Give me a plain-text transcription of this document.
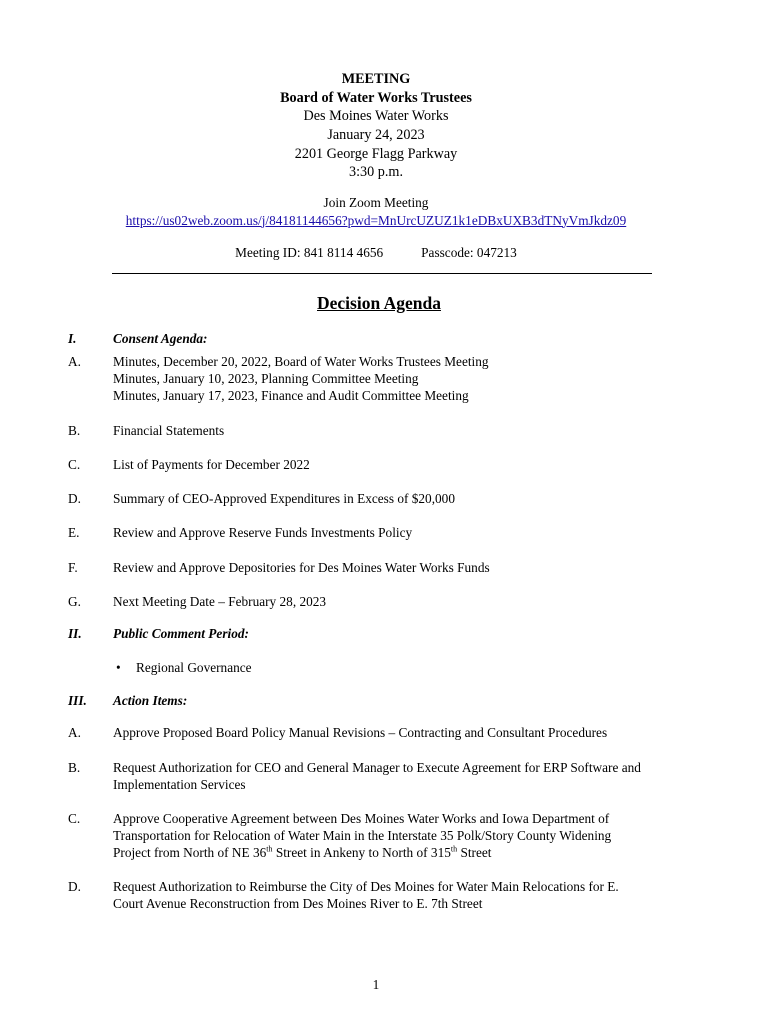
MEETING
Board of Water Works Trustees
Des Moines Water Works
January 24, 2023
2201 George Flagg Parkway
3:30 p.m.
Join Zoom Meeting
https://us02web.zoom.us/j/84181144656?pwd=MnUrcUZUZ1k1eDBxUXB3dTNyVmJkdz09
Meeting ID: 841 8114 4656	Passcode: 047213
Decision Agenda
I.	Consent Agenda:
A. Minutes, December 20, 2022, Board of Water Works Trustees Meeting
Minutes, January 10, 2023, Planning Committee Meeting
Minutes, January 17, 2023, Finance and Audit Committee Meeting
B. Financial Statements
C. List of Payments for December 2022
D. Summary of CEO-Approved Expenditures in Excess of $20,000
E.	Review and Approve Reserve Funds Investments Policy
F.	Review and Approve Depositories for Des Moines Water Works Funds
G. Next Meeting Date – February 28, 2023
II. Public Comment Period:
• Regional Governance
III. Action Items:
A. Approve Proposed Board Policy Manual Revisions – Contracting and Consultant Procedures
B. Request Authorization for CEO and General Manager to Execute Agreement for ERP Software and
Implementation Services
C. Approve Cooperative Agreement between Des Moines Water Works and Iowa Department of
Transportation for Relocation of Water Main in the Interstate 35 Polk/Story County Widening
Project from North of NE 36th Street in Ankeny to North of 315th Street
D. Request Authorization to Reimburse the City of Des Moines for Water Main Relocations for E.
Court Avenue Reconstruction from Des Moines River to E. 7th Street
1
